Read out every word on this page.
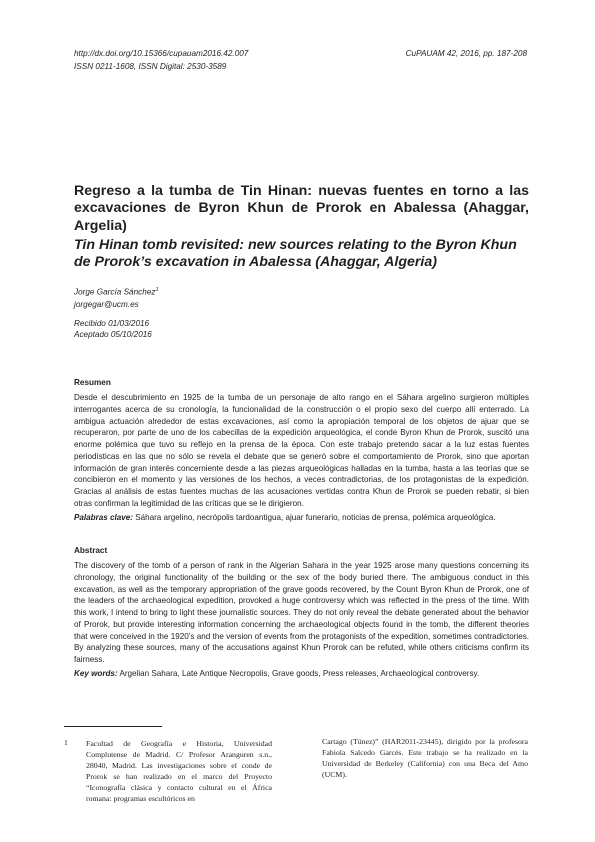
http://dx.doi.org/10.15366/cupauam2016.42.007
ISSN 0211-1608, ISSN Digital: 2530-3589
CuPAUAM 42, 2016, pp. 187-208
Regreso a la tumba de Tin Hinan: nuevas fuentes en torno a las excavaciones de Byron Khun de Prorok en Abalessa (Ahaggar, Argelia)
Tin Hinan tomb revisited: new sources relating to the Byron Khun de Prorok’s excavation in Abalessa (Ahaggar, Algeria)
Jorge García Sánchez$^1$
jorgegar@ucm.es
Recibido 01/03/2016
Aceptado 05/10/2016
Resumen
Desde el descubrimiento en 1925 de la tumba de un personaje de alto rango en el Sáhara argelino surgieron múltiples interrogantes acerca de su cronología, la funcionalidad de la construcción o el propio sexo del cuerpo allí enterrado. La ambigua actuación alrededor de estas excavaciones, así como la apropiación temporal de los objetos de ajuar que se recuperaron, por parte de uno de los cabecillas de la expedición arqueológica, el conde Byron Khun de Prorok, suscitó una enorme polémica que tuvo su reflejo en la prensa de la época. Con este trabajo pretendo sacar a la luz estas fuentes periodísticas en las que no sólo se revela el debate que se generó sobre el comportamiento de Prorok, sino que aportan información de gran interés concerniente desde a las piezas arqueológicas halladas en la tumba, hasta a las teorías que se concibieron en el momento y las versiones de los hechos, a veces contradictorias, de los protagonistas de la expedición. Gracias al análisis de estas fuentes muchas de las acusaciones vertidas contra Khun de Prorok se pueden rebatir, si bien otras confirman la legitimidad de las críticas que se le dirigieron.
Palabras clave: Sáhara argelino, necrópolis tardoantigua, ajuar funerario, noticias de prensa, polémica arqueológica.
Abstract
The discovery of the tomb of a person of rank in the Algerian Sahara in the year 1925 arose many questions concerning its chronology, the original functionality of the building or the sex of the body buried there. The ambiguous conduct in this excavation, as well as the temporary appropriation of the grave goods recovered, by the Count Byron Khun de Prorok, one of the leaders of the archaeological expedition, provoked a huge controversy which was reflected in the press of the time. With this work, I intend to bring to light these journalistic sources. They do not only reveal the debate generated about the behavior of Prorok, but provide interesting information concerning the archaeological objects found in the tomb, the different theories that were conceived in the 1920’s and the version of events from the protagonists of the expedition, sometimes contradictories. By analyzing these sources, many of the accusations against Khun Prorok can be refuted, while others criticisms confirm its fairness.
Key words: Argelian Sahara, Late Antique Necropolis, Grave goods, Press releases, Archaeological controversy.
1 Facultad de Geografía e Historia, Universidad Complutense de Madrid. C/ Profesor Aranguren s.n., 28040, Madrid. Las investigaciones sobre el conde de Prorok se han realizado en el marco del Proyecto “Iconografía clásica y contacto cultural en el África romana: programas escultóricos en
Cartago (Túnez)” (HAR2011-23445), dirigido por la profesora Fabiola Salcedo Garcés. Este trabajo se ha realizado en la Universidad de Berkeley (California) con una Beca del Amo (UCM).
